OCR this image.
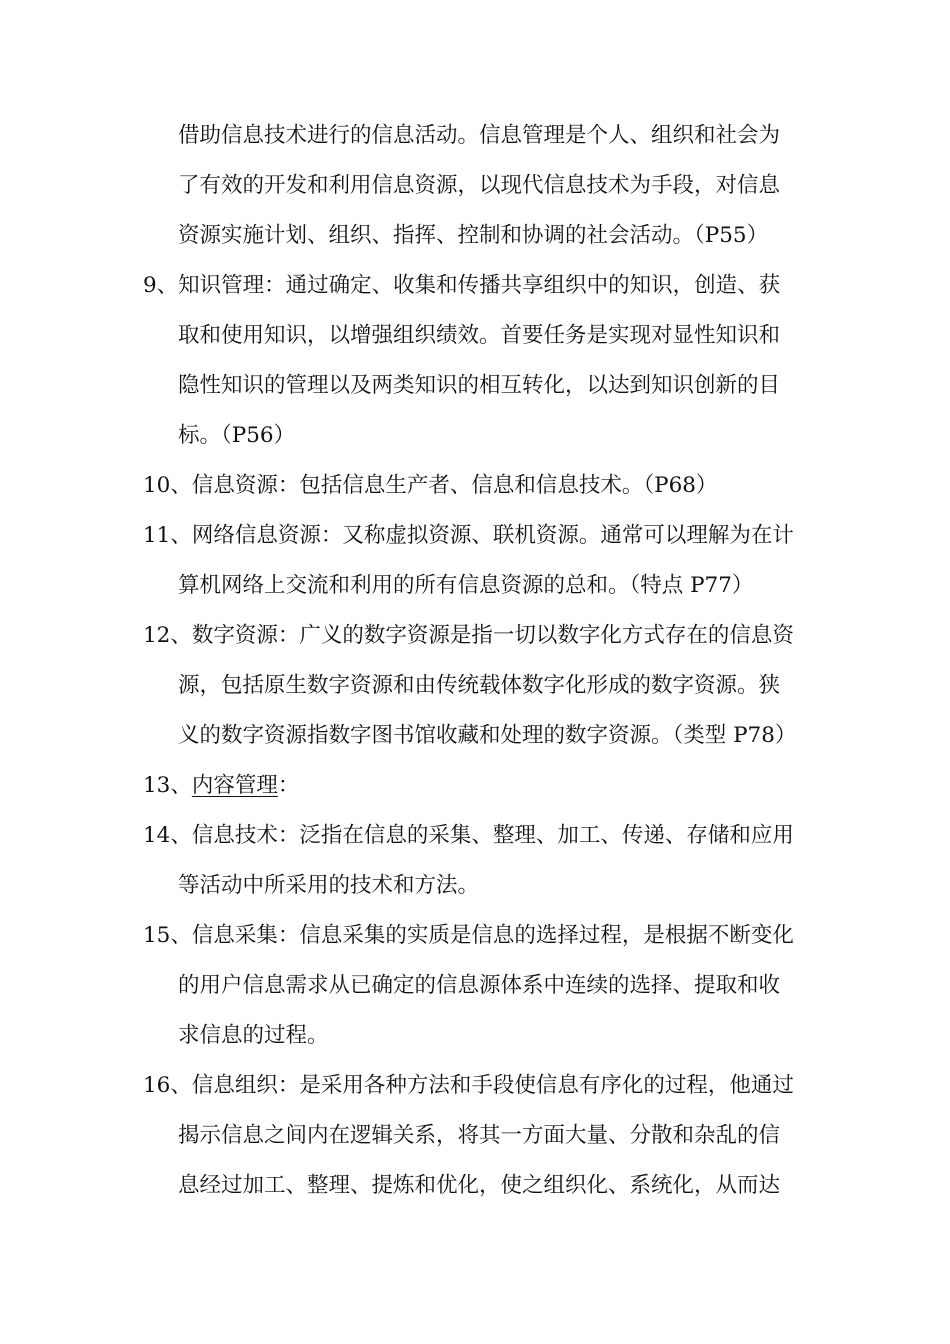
借助信息技术进行的信息活动。信息管理是个人、组织和社会为
了有效的开发和利用信息资源，以现代信息技术为手段，对信息
资源实施计划、组织、指挥、控制和协调的社会活动。（P55）
9、知识管理：通过确定、收集和传播共享组织中的知识，创造、获
取和使用知识，以增强组织绩效。首要任务是实现对显性知识和
隐性知识的管理以及两类知识的相互转化，以达到知识创新的目
标。（P56）
10、信息资源：包括信息生产者、信息和信息技术。（P68）
11、网络信息资源：又称虚拟资源、联机资源。通常可以理解为在计
算机网络上交流和利用的所有信息资源的总和。（特点 P77）
12、数字资源：广义的数字资源是指一切以数字化方式存在的信息资
源，包括原生数字资源和由传统载体数字化形成的数字资源。狭
义的数字资源指数字图书馆收藏和处理的数字资源。（类型 P78）
13、内容管理：
14、信息技术：泛指在信息的采集、整理、加工、传递、存储和应用
等活动中所采用的技术和方法。
15、信息采集：信息采集的实质是信息的选择过程，是根据不断变化
的用户信息需求从已确定的信息源体系中连续的选择、提取和收
求信息的过程。
16、信息组织：是采用各种方法和手段使信息有序化的过程，他通过
揭示信息之间内在逻辑关系，将其一方面大量、分散和杂乱的信
息经过加工、整理、提炼和优化，使之组织化、系统化，从而达
